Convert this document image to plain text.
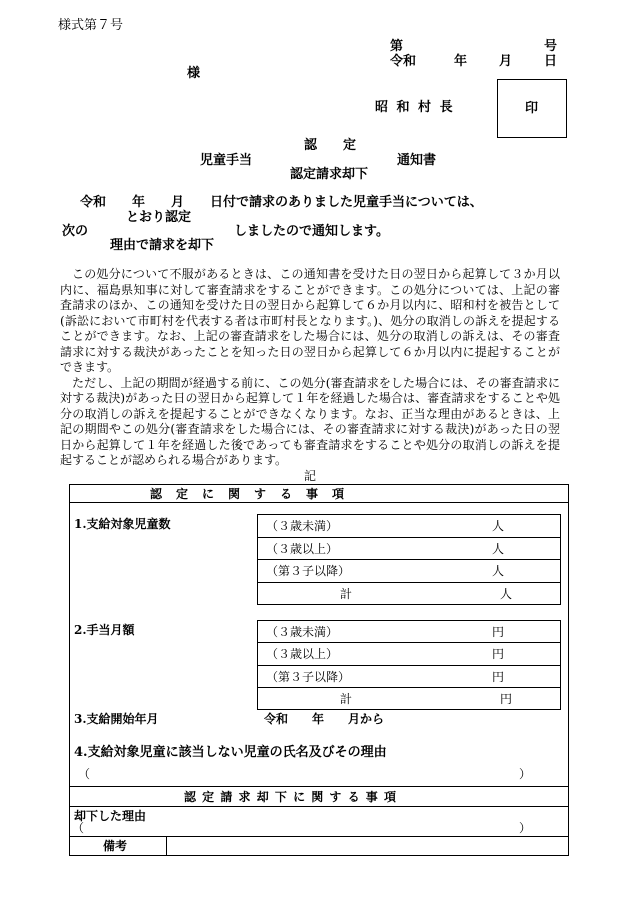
様式第７号
第	号
令和	年 月 日
様
昭 和 村 長	印
認　　定
児童手当	通知書
認定請求却下
令和　　年　　月　　日付で請求のありました児童手当については、
とおり認定
次の	しましたので通知します。
理由で請求を却下

この処分について不服があるときは、この通知書を受けた日の翌日から起算して３か月以内に、福島県知事に対して審査請求をすることができます。この処分については、上記の審査請求のほか、この通知を受けた日の翌日から起算して６か月以内に、昭和村を被告として(訴訟において市町村を代表する者は市町村長となります。)、処分の取消しの訴えを提起することができます。なお、上記の審査請求をした場合には、処分の取消しの訴えは、その審査請求に対する裁決があったことを知った日の翌日から起算して６か月以内に提起することができます。

ただし、上記の期間が経過する前に、この処分(審査請求をした場合には、その審査請求に対する裁決)があった日の翌日から起算して１年を経過した場合は、審査請求をすることや処分の取消しの訴えを提起することができなくなります。なお、正当な理由があるときは、上記の期間やこの処分(審査請求をした場合には、その審査請求に対する裁決)があった日の翌日から起算して１年を経過した後であっても審査請求をすることや処分の取消しの訴えを提起することが認められる場合があります。

記
認　定　に　関　す　る　事　項
1.支給対象児童数	（３歳未満）	人
（３歳以上）	人
（第３子以降）	人
計	人
2.手当月額	（３歳未満）	円
（３歳以上）	円
（第３子以降）	円
計	円
3.支給開始年月	令和　　年　　月から
4.支給対象児童に該当しない児童の氏名及びその理由
（	）
認 定 請 求 却 下 に 関 す る 事 項
却下した理由
（	）
備考
